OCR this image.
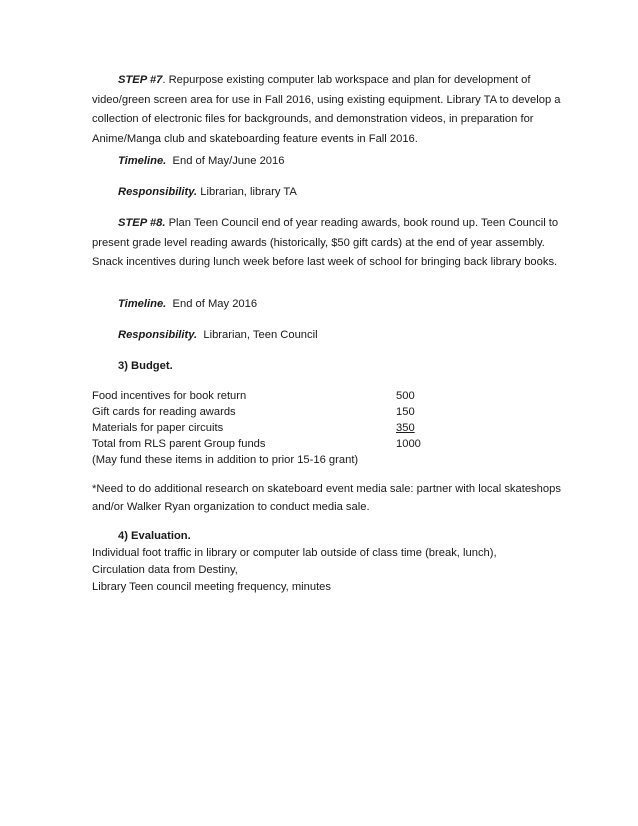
STEP #7. Repurpose existing computer lab workspace and plan for development of video/green screen area for use in Fall 2016, using existing equipment. Library TA to develop a collection of electronic files for backgrounds, and demonstration videos, in preparation for Anime/Manga club and skateboarding feature events in Fall 2016.

Timeline. End of May/June 2016

Responsibility. Librarian, library TA

STEP #8. Plan Teen Council end of year reading awards, book round up. Teen Council to present grade level reading awards (historically, $50 gift cards) at the end of year assembly. Snack incentives during lunch week before last week of school for bringing back library books.

Timeline. End of May 2016

Responsibility. Librarian, Teen Council

3) Budget.

Food incentives for book return	500

Gift cards for reading awards	150

Materials for paper circuits	350

Total from RLS parent Group funds	1000

(May fund these items in addition to prior 15-16 grant)

*Need to do additional research on skateboard event media sale: partner with local skateshops and/or Walker Ryan organization to conduct media sale.

4) Evaluation.

Individual foot traffic in library or computer lab outside of class time (break, lunch),

Circulation data from Destiny,

Library Teen council meeting frequency, minutes
